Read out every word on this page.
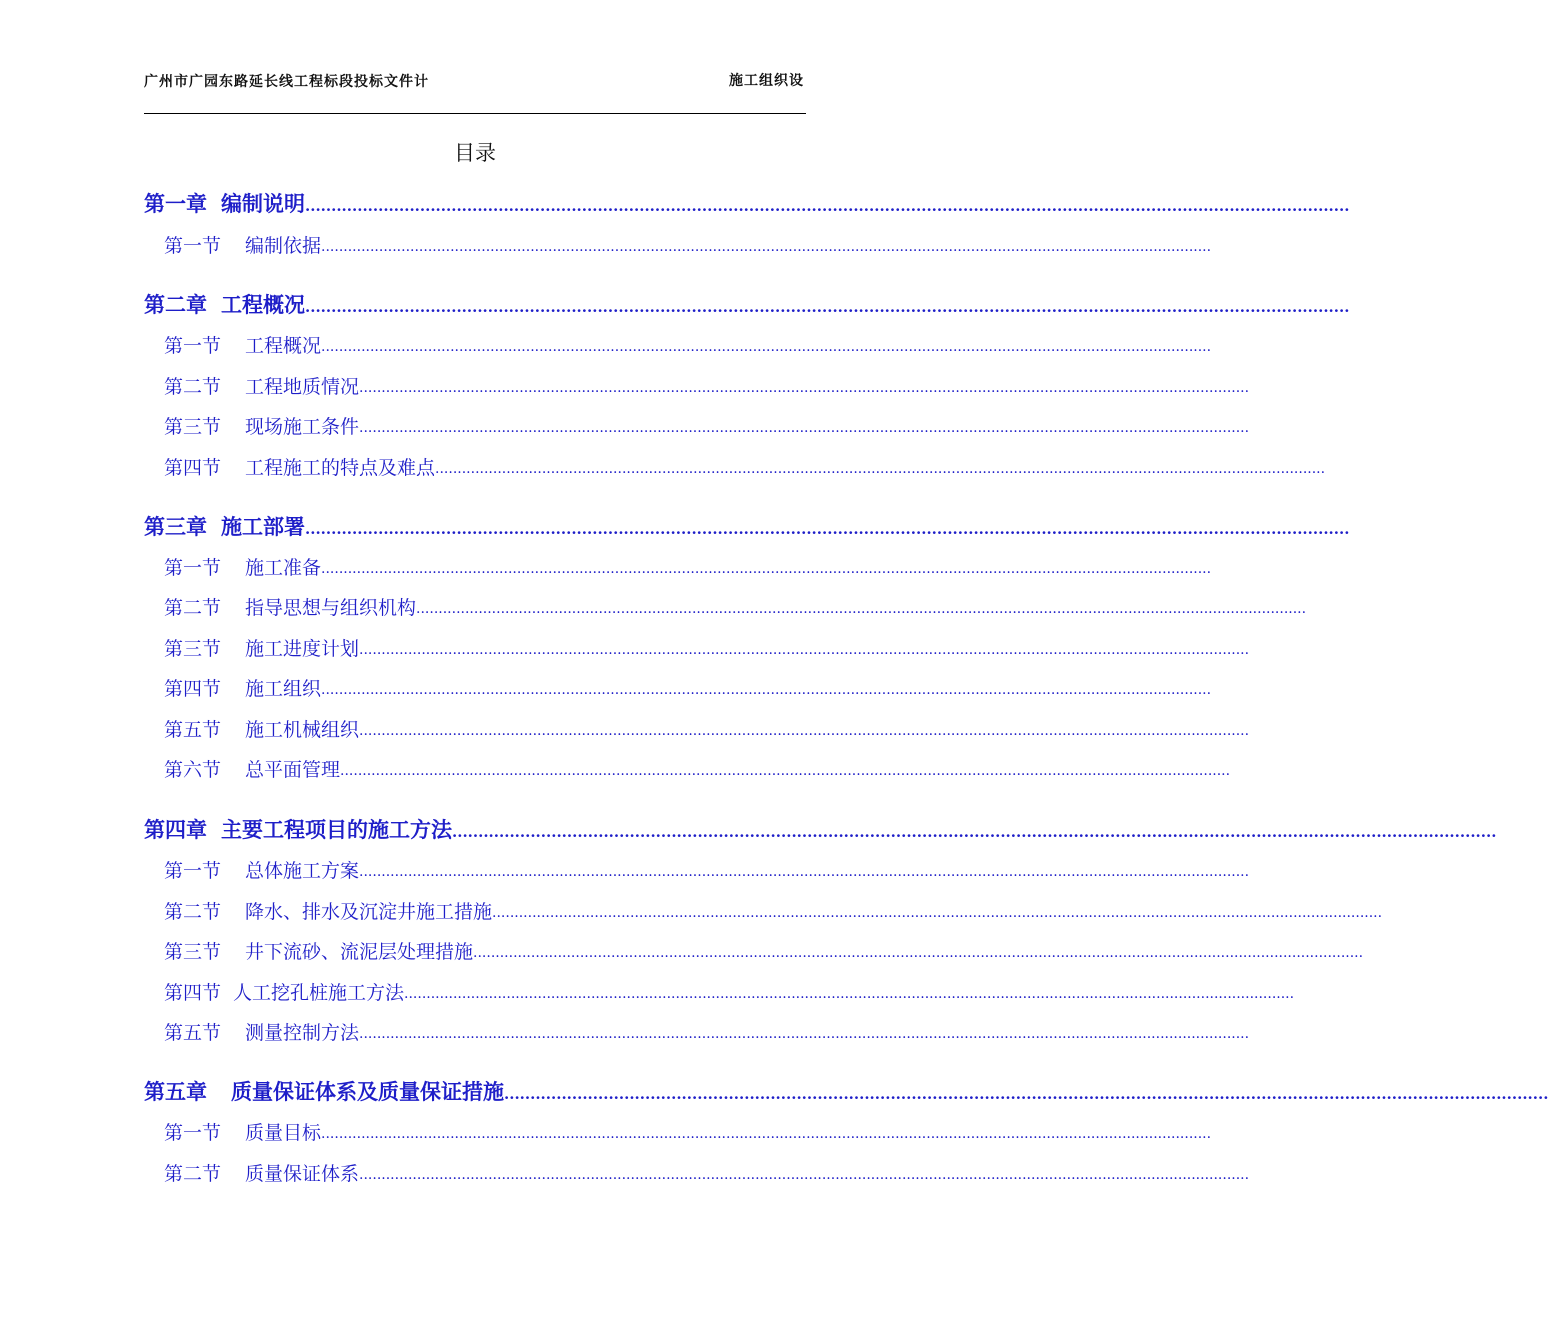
广州市广园东路延长线工程标段投标文件计	施工组织设
目录
第一章 编制说明 ........................................................................................................................................................................................................
第一节 编制依据 ........................................................................................................................................................................................................
第二章 工程概况 ........................................................................................................................................................................................................
第一节 工程概况 ........................................................................................................................................................................................................
第二节 工程地质情况 ........................................................................................................................................................................................................
第三节 现场施工条件 ........................................................................................................................................................................................................
第四节 工程施工的特点及难点 ........................................................................................................................................................................................................
第三章 施工部署 ........................................................................................................................................................................................................
第一节 施工准备 ........................................................................................................................................................................................................
第二节 指导思想与组织机构 ........................................................................................................................................................................................................
第三节 施工进度计划 ........................................................................................................................................................................................................
第四节 施工组织 ........................................................................................................................................................................................................
第五节 施工机械组织 ........................................................................................................................................................................................................
第六节 总平面管理 ........................................................................................................................................................................................................
第四章 主要工程项目的施工方法 ........................................................................................................................................................................................................
第一节 总体施工方案 ........................................................................................................................................................................................................
第二节 降水、排水及沉淀井施工措施 ........................................................................................................................................................................................................
第三节 井下流砂、流泥层处理措施 ........................................................................................................................................................................................................
第四节 人工挖孔桩施工方法 ........................................................................................................................................................................................................
第五节 测量控制方法 ........................................................................................................................................................................................................
第五章 质量保证体系及质量保证措施 ........................................................................................................................................................................................................
第一节 质量目标 ........................................................................................................................................................................................................
第二节 质量保证体系 ........................................................................................................................................................................................................
